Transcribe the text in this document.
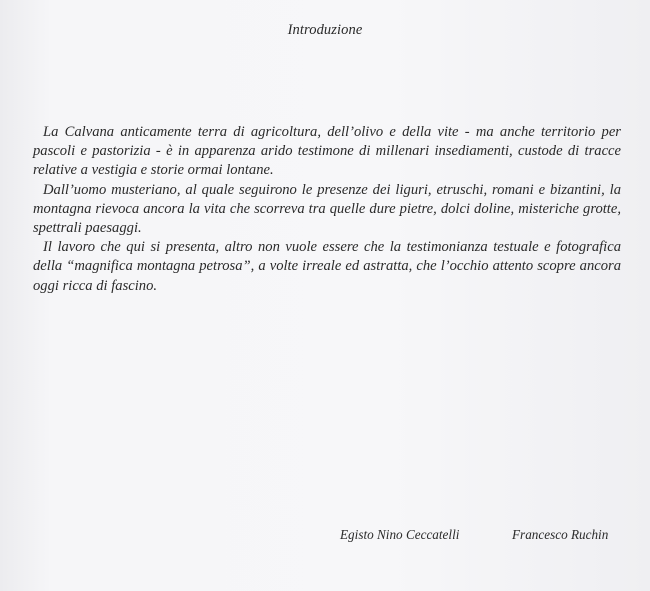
Introduzione

La Calvana anticamente terra di agricoltura, dell’olivo e della vite - ma anche territorio per pascoli e pastorizia - è in apparenza arido testimone di millenari insediamenti, custode di tracce relative a vestigia e storie ormai lontane.

Dall’uomo musteriano, al quale seguirono le presenze dei liguri, etruschi, romani e bizantini, la montagna rievoca ancora la vita che scorreva tra quelle dure pietre, dolci doline, misteriche grotte, spettrali paesaggi.

Il lavoro che qui si presenta, altro non vuole essere che la testimonianza testuale e fotografica della “magnifica montagna petrosa”, a volte irreale ed astratta, che l’occhio attento scopre ancora oggi ricca di fascino.

Egisto Nino Ceccatelli	Francesco Ruchin
